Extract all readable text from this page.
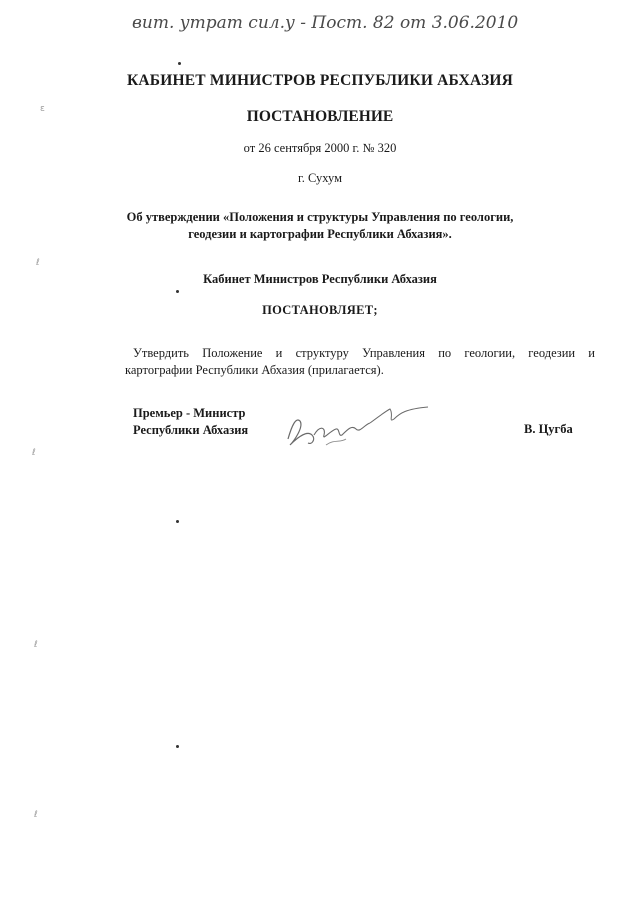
вит. утрат сил.у - Пост. 82 от 3.06.2010
КАБИНЕТ МИНИСТРОВ РЕСПУБЛИКИ АБХАЗИЯ
ПОСТАНОВЛЕНИЕ
от 26 сентября 2000 г. № 320
г. Сухум
Об утверждении «Положения и структуры Управления по геологии,
геодезии и картографии Республики Абхазия».
Кабинет Министров Республики Абхазия
ПОСТАНОВЛЯЕТ;
Утвердить Положение и структуру Управления по геологии, геодезии и
картографии Республики Абхазия (прилагается).
Премьер - Министр
Республики Абхазия	В. Цугба
ε
ℓ
ℓ
ℓ
ℓ
